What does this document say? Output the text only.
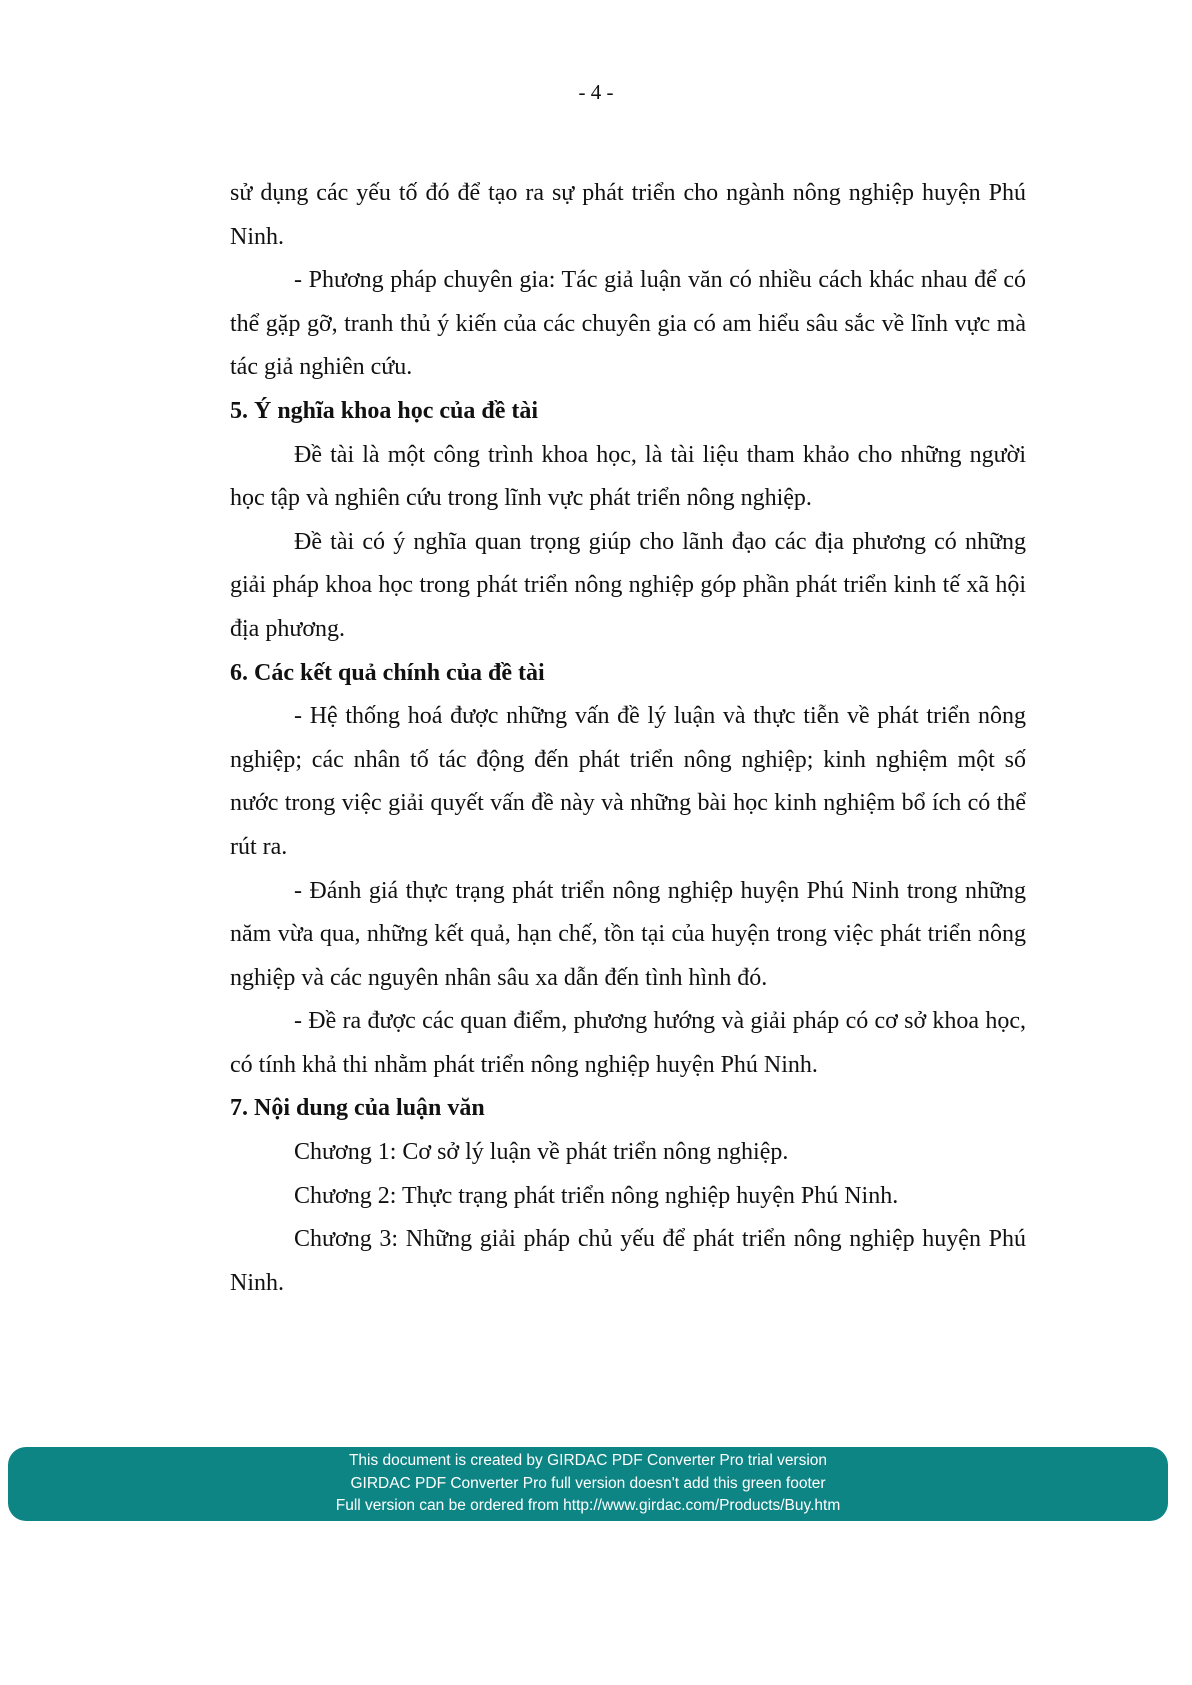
- 4 -

sử dụng các yếu tố đó để tạo ra sự phát triển cho ngành nông nghiệp huyện Phú Ninh.

- Phương pháp chuyên gia: Tác giả luận văn có nhiều cách khác nhau để có thể gặp gỡ, tranh thủ ý kiến của các chuyên gia có am hiểu sâu sắc về lĩnh vực mà tác giả nghiên cứu.

5. Ý nghĩa khoa học của đề tài

Đề tài là một công trình khoa học, là tài liệu tham khảo cho những người học tập và nghiên cứu trong lĩnh vực phát triển nông nghiệp.

Đề tài có ý nghĩa quan trọng giúp cho lãnh đạo các địa phương có những giải pháp khoa học trong phát triển nông nghiệp góp phần phát triển kinh tế xã hội địa phương.

6. Các kết quả chính của đề tài

- Hệ thống hoá được những vấn đề lý luận và thực tiễn về phát triển nông nghiệp; các nhân tố tác động đến phát triển nông nghiệp; kinh nghiệm một số nước trong việc giải quyết vấn đề này và những bài học kinh nghiệm bổ ích có thể rút ra.

- Đánh giá thực trạng phát triển nông nghiệp huyện Phú Ninh trong những năm vừa qua, những kết quả, hạn chế, tồn tại của huyện trong việc phát triển nông nghiệp và các nguyên nhân sâu xa dẫn đến tình hình đó.

- Đề ra được các quan điểm, phương hướng và giải pháp có cơ sở khoa học, có tính khả thi nhằm phát triển nông nghiệp huyện Phú Ninh.

7. Nội dung của luận văn

Chương 1: Cơ sở lý luận về phát triển nông nghiệp.

Chương 2: Thực trạng phát triển nông nghiệp huyện Phú Ninh.

Chương 3: Những giải pháp chủ yếu để phát triển nông nghiệp huyện Phú Ninh.

This document is created by GIRDAC PDF Converter Pro trial version
GIRDAC PDF Converter Pro full version doesn't add this green footer
Full version can be ordered from http://www.girdac.com/Products/Buy.htm
